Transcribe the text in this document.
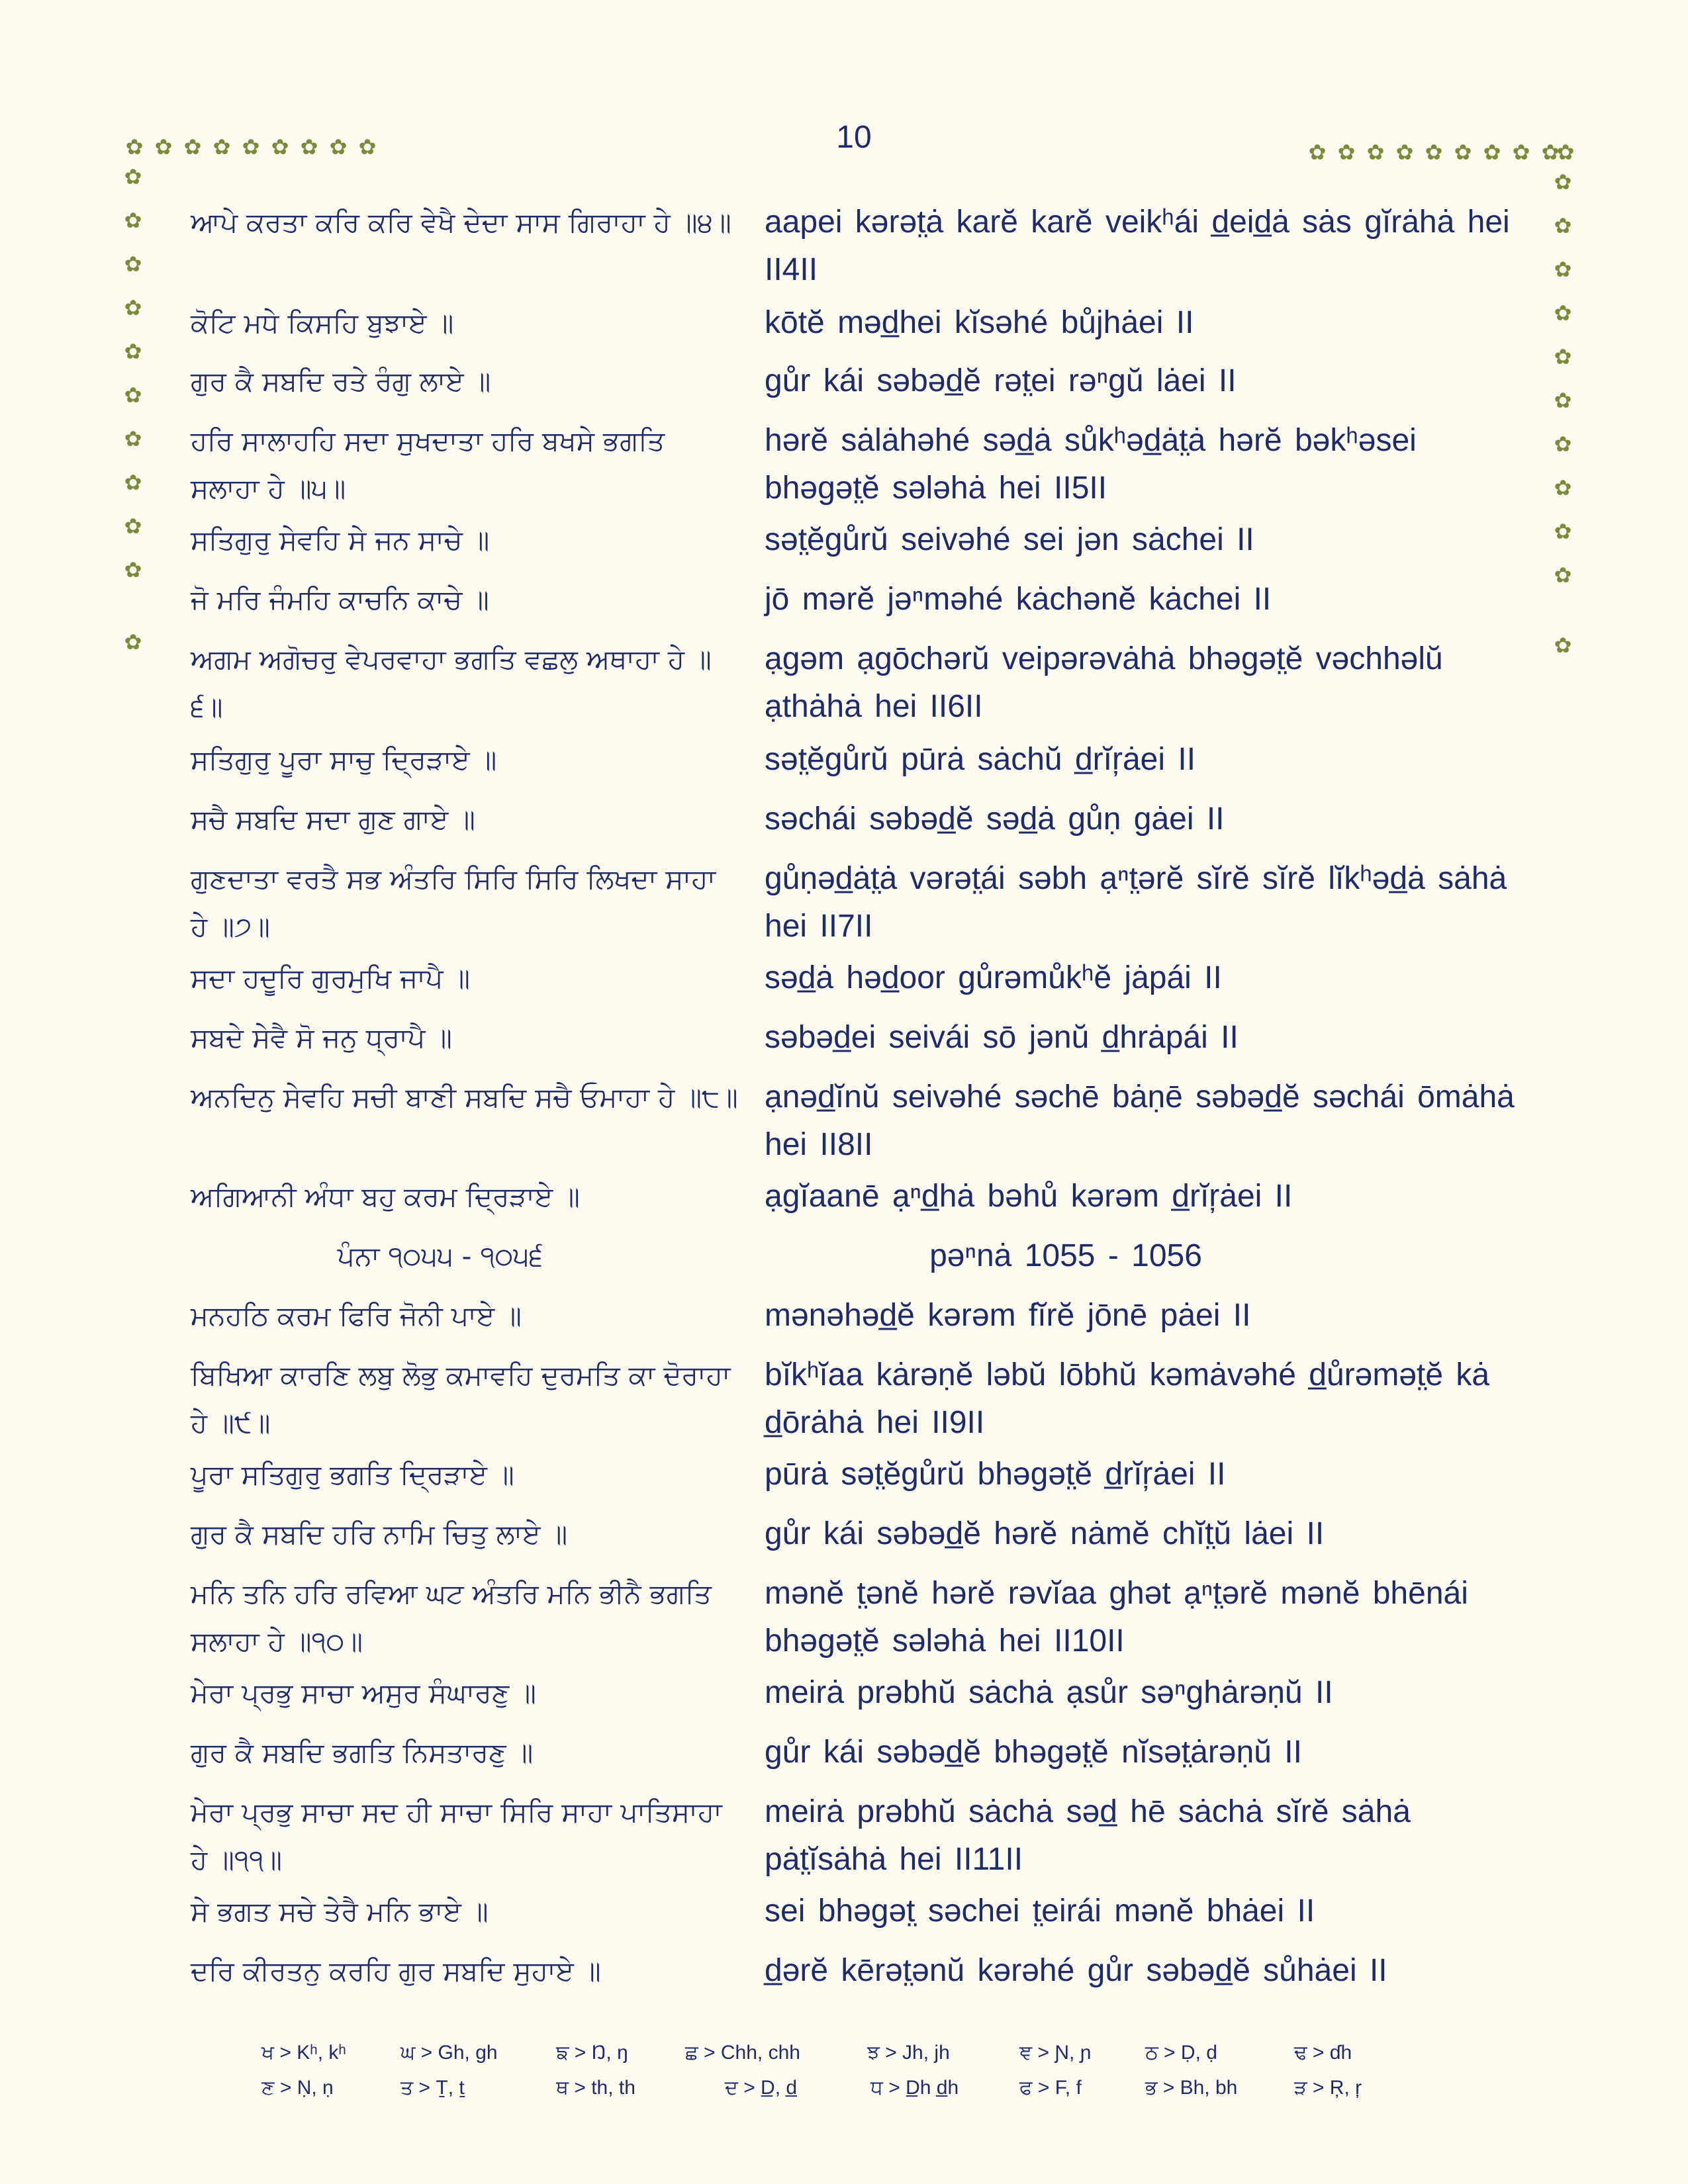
10
✿ ✿ ✿ ✿ ✿ ✿ ✿ ✿ ✿	✿ ✿ ✿ ✿ ✿ ✿ ✿ ✿ ✿
✿
✿
✿
✿
✿
✿
✿
✿
✿
✿
✿
✿
✿
✿
✿
✿
✿
✿
✿
✿
✿
✿
✿
ਆਪੇ ਕਰਤਾ ਕਰਿ ਕਰਿ ਵੇਖੈ ਦੇਦਾ ਸਾਸ ਗਿਰਾਹਾ ਹੇ ॥੪॥ aapei kərət̤ȧ karĕ karĕ veikʰái d̲eid̲ȧ sȧs gĭrȧhȧ hei II4II
ਕੋਟਿ ਮਧੇ ਕਿਸਹਿ ਬੁਝਾਏ ॥	kōtĕ məd̲hei kĭsəhé bůjhȧei II
ਗੁਰ ਕੈ ਸਬਦਿ ਰਤੇ ਰੰਗੁ ਲਾਏ ॥	gůr kái səbəd̲ĕ rət̤ei rəⁿgŭ lȧei II
ਹਰਿ ਸਾਲਾਹਹਿ ਸਦਾ ਸੁਖਦਾਤਾ ਹਰਿ ਬਖਸੇ ਭਗਤਿ ਸਲਾਹਾ ਹੇ ॥੫॥
hərĕ sȧlȧhəhé səd̲ȧ sůkʰəd̲ȧt̤ȧ hərĕ bəkʰəsei bhəgət̤ĕ sələhȧ hei II5II
ਸਤਿਗੁਰੁ ਸੇਵਹਿ ਸੇ ਜਨ ਸਾਚੇ ॥	sət̤ĕgůrŭ seivəhé sei jən sȧchei II
ਜੋ ਮਰਿ ਜੰਮਹਿ ਕਾਚਨਿ ਕਾਚੇ ॥	jō mərĕ jəⁿməhé kȧchənĕ kȧchei II
ਅਗਮ ਅਗੋਚਰੁ ਵੇਪਰਵਾਹਾ ਭਗਤਿ ਵਛਲੁ ਅਥਾਹਾ ਹੇ ॥੬॥
ạgəm ạgōchərŭ veipərəvȧhȧ bhəgət̤ĕ vəchhəlŭ ạthȧhȧ hei II6II
ਸਤਿਗੁਰੁ ਪੂਰਾ ਸਾਚੁ ਦ੍ਰਿੜਾਏ ॥	sət̤ĕgůrŭ pūrȧ sȧchŭ d̲rĭŗȧei II
ਸਚੈ ਸਬਦਿ ਸਦਾ ਗੁਣ ਗਾਏ ॥	səchái səbəd̲ĕ səd̲ȧ gůṇ gȧei II
ਗੁਣਦਾਤਾ ਵਰਤੈ ਸਭ ਅੰਤਰਿ ਸਿਰਿ ਸਿਰਿ ਲਿਖਦਾ ਸਾਹਾ ਹੇ ॥੭॥
gůṇəd̲ȧt̤ȧ vərət̤ái səbh ạⁿt̤ərĕ sĭrĕ sĭrĕ lĭkʰəd̲ȧ sȧhȧ hei II7II
ਸਦਾ ਹਦੂਰਿ ਗੁਰਮੁਖਿ ਜਾਪੈ ॥	səd̲ȧ həd̲oor gůrəmůkʰĕ jȧpái II
ਸਬਦੇ ਸੇਵੈ ਸੋ ਜਨੁ ਧ੍ਰਾਪੈ ॥	səbəd̲ei seivái sō jənŭ d̲hrȧpái II
ਅਨਦਿਨੁ ਸੇਵਹਿ ਸਚੀ ਬਾਣੀ ਸਬਦਿ ਸਚੈ ਓਮਾਹਾ ਹੇ ॥੮॥ ạnəd̲ĭnŭ seivəhé səchē bȧṇē səbəd̲ĕ səchái ōmȧhȧ hei II8II
ਅਗਿਆਨੀ ਅੰਧਾ ਬਹੁ ਕਰਮ ਦ੍ਰਿੜਾਏ ॥	ạgĭaanē ạⁿd̲hȧ bəhů kərəm d̲rĭŗȧei II
ਪੰਨਾ ੧੦੫੫ - ੧੦੫੬	pəⁿnȧ 1055 - 1056
ਮਨਹਠਿ ਕਰਮ ਫਿਰਿ ਜੋਨੀ ਪਾਏ ॥	mənəhəd̲ĕ kərəm fĭrĕ jōnē pȧei II
ਬਿਖਿਆ ਕਾਰਣਿ ਲਬੁ ਲੋਭੁ ਕਮਾਵਹਿ ਦੁਰਮਤਿ ਕਾ ਦੋਰਾਹਾ ਹੇ ॥੯॥
bĭkʰĭaa kȧrəṇĕ ləbŭ lōbhŭ kəmȧvəhé d̲ůrəmət̤ĕ kȧ d̲ōrȧhȧ hei II9II
ਪੂਰਾ ਸਤਿਗੁਰੁ ਭਗਤਿ ਦ੍ਰਿੜਾਏ ॥	pūrȧ sət̤ĕgůrŭ bhəgət̤ĕ d̲rĭŗȧei II
ਗੁਰ ਕੈ ਸਬਦਿ ਹਰਿ ਨਾਮਿ ਚਿਤੁ ਲਾਏ ॥	gůr kái səbəd̲ĕ hərĕ nȧmĕ chĭt̤ŭ lȧei II
ਮਨਿ ਤਨਿ ਹਰਿ ਰਵਿਆ ਘਟ ਅੰਤਰਿ ਮਨਿ ਭੀਨੈ ਭਗਤਿ ਸਲਾਹਾ ਹੇ ॥੧੦॥
mənĕ t̤ənĕ hərĕ rəvĭaa ghət ạⁿt̤ərĕ mənĕ bhēnái bhəgət̤ĕ sələhȧ hei II10II
ਮੇਰਾ ਪ੍ਰਭੁ ਸਾਚਾ ਅਸੁਰ ਸੰਘਾਰਣੁ ॥	meirȧ prəbhŭ sȧchȧ ạsůr səⁿghȧrəṇŭ II
ਗੁਰ ਕੈ ਸਬਦਿ ਭਗਤਿ ਨਿਸਤਾਰਣੁ ॥	gůr kái səbəd̲ĕ bhəgət̤ĕ nĭsət̤ȧrəṇŭ II
ਮੇਰਾ ਪ੍ਰਭੁ ਸਾਚਾ ਸਦ ਹੀ ਸਾਚਾ ਸਿਰਿ ਸਾਹਾ ਪਾਤਿਸਾਹਾ ਹੇ ॥੧੧॥
meirȧ prəbhŭ sȧchȧ səd̲ hē sȧchȧ sĭrĕ sȧhȧ pȧt̤ĭsȧhȧ hei II11II
ਸੇ ਭਗਤ ਸਚੇ ਤੇਰੈ ਮਨਿ ਭਾਏ ॥	sei bhəgət̤ səchei t̤eirái mənĕ bhȧei II
ਦਰਿ ਕੀਰਤਨੁ ਕਰਹਿ ਗੁਰ ਸਬਦਿ ਸੁਹਾਏ ॥	d̲ərĕ kērət̤ənŭ kərəhé gůr səbəd̲ĕ sůhȧei II
ਖ > Kʰ, kʰ	ਘ > Gh, gh	ਙ > Ŋ, ŋ	ਛ > Chh, chh	ਝ > Jh, jh	ਞ > Ɲ, ɲ	ਠ > Ḍ, ḍ	ਢ > ɗh
ਣ > Ṇ, ṇ	ਤ > Ṯ, ṯ	ਥ > th, th	ਦ > D̲, d̲	ਧ > D̲h d̲h	ਫ > F, f	ਭ > Bh, bh	ੜ > Ŗ, ŗ
